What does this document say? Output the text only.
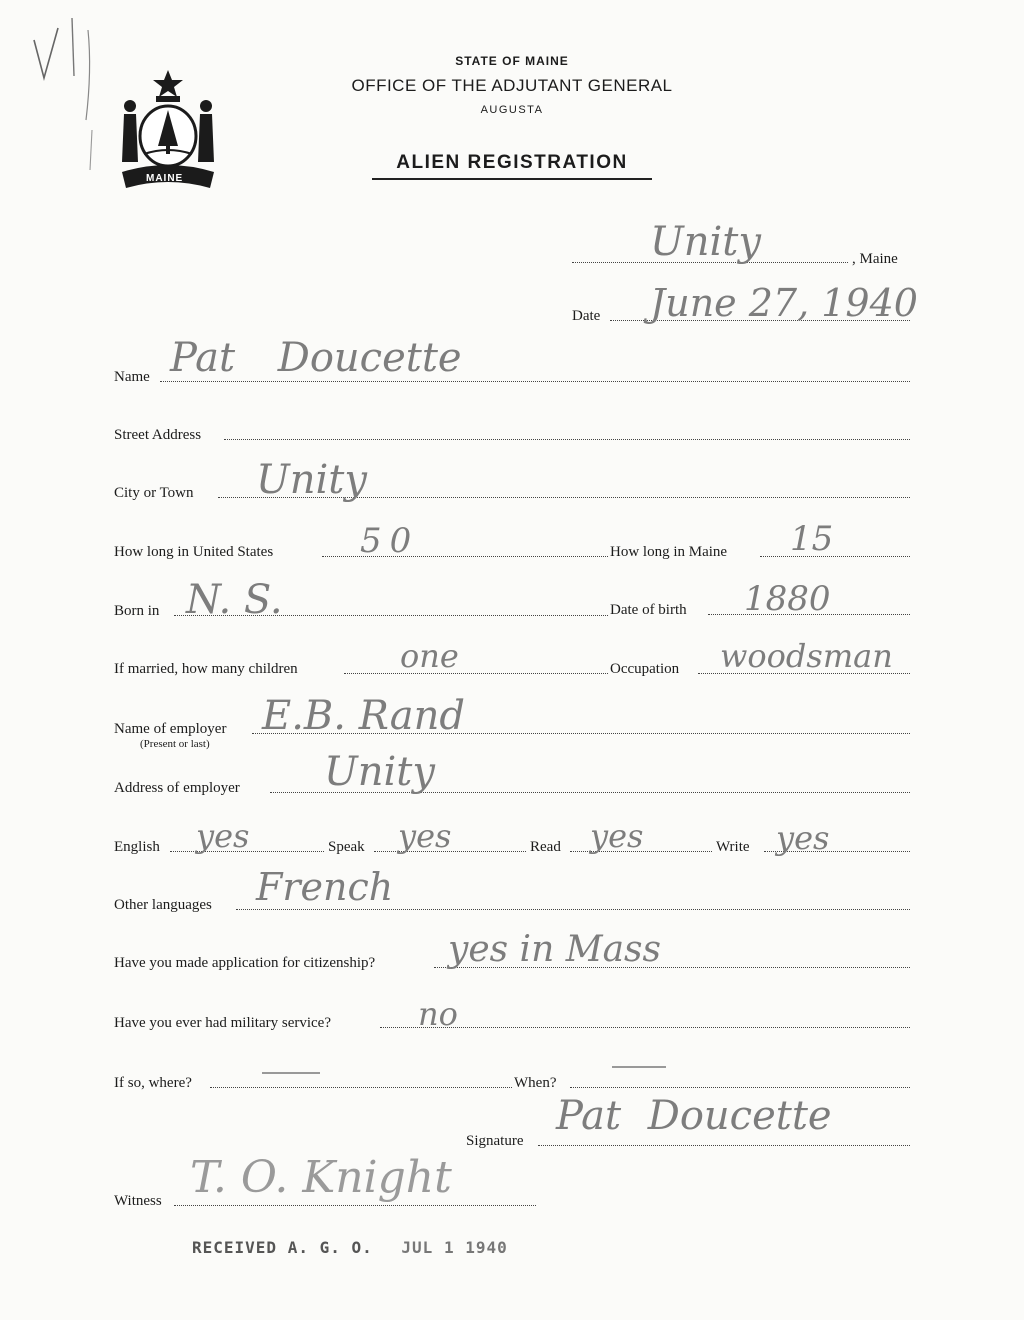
MAINE
STATE OF MAINE
OFFICE OF THE ADJUTANT GENERAL
AUGUSTA
ALIEN REGISTRATION
Unity	, Maine
Date June 27, 1940
Name Pat Doucette
Street Address
City or Town Unity
How long in United States	50	How long in Maine 15
Born in N. S.	Date of birth 1880
If married, how many children	one	Occupation woodsman
Name of employer
(Present or last)
E.B. Rand
Address of employer Unity
English yes	Speak yes	Read yes	Write yes
Other languages French
Have you made application for citizenship? yes in Mass
Have you ever had military service?	no
If so, where?	When?
Signature
Pat Doucette
Witness T. O. Knight
RECEIVED A. G. O. JUL 1 1940
